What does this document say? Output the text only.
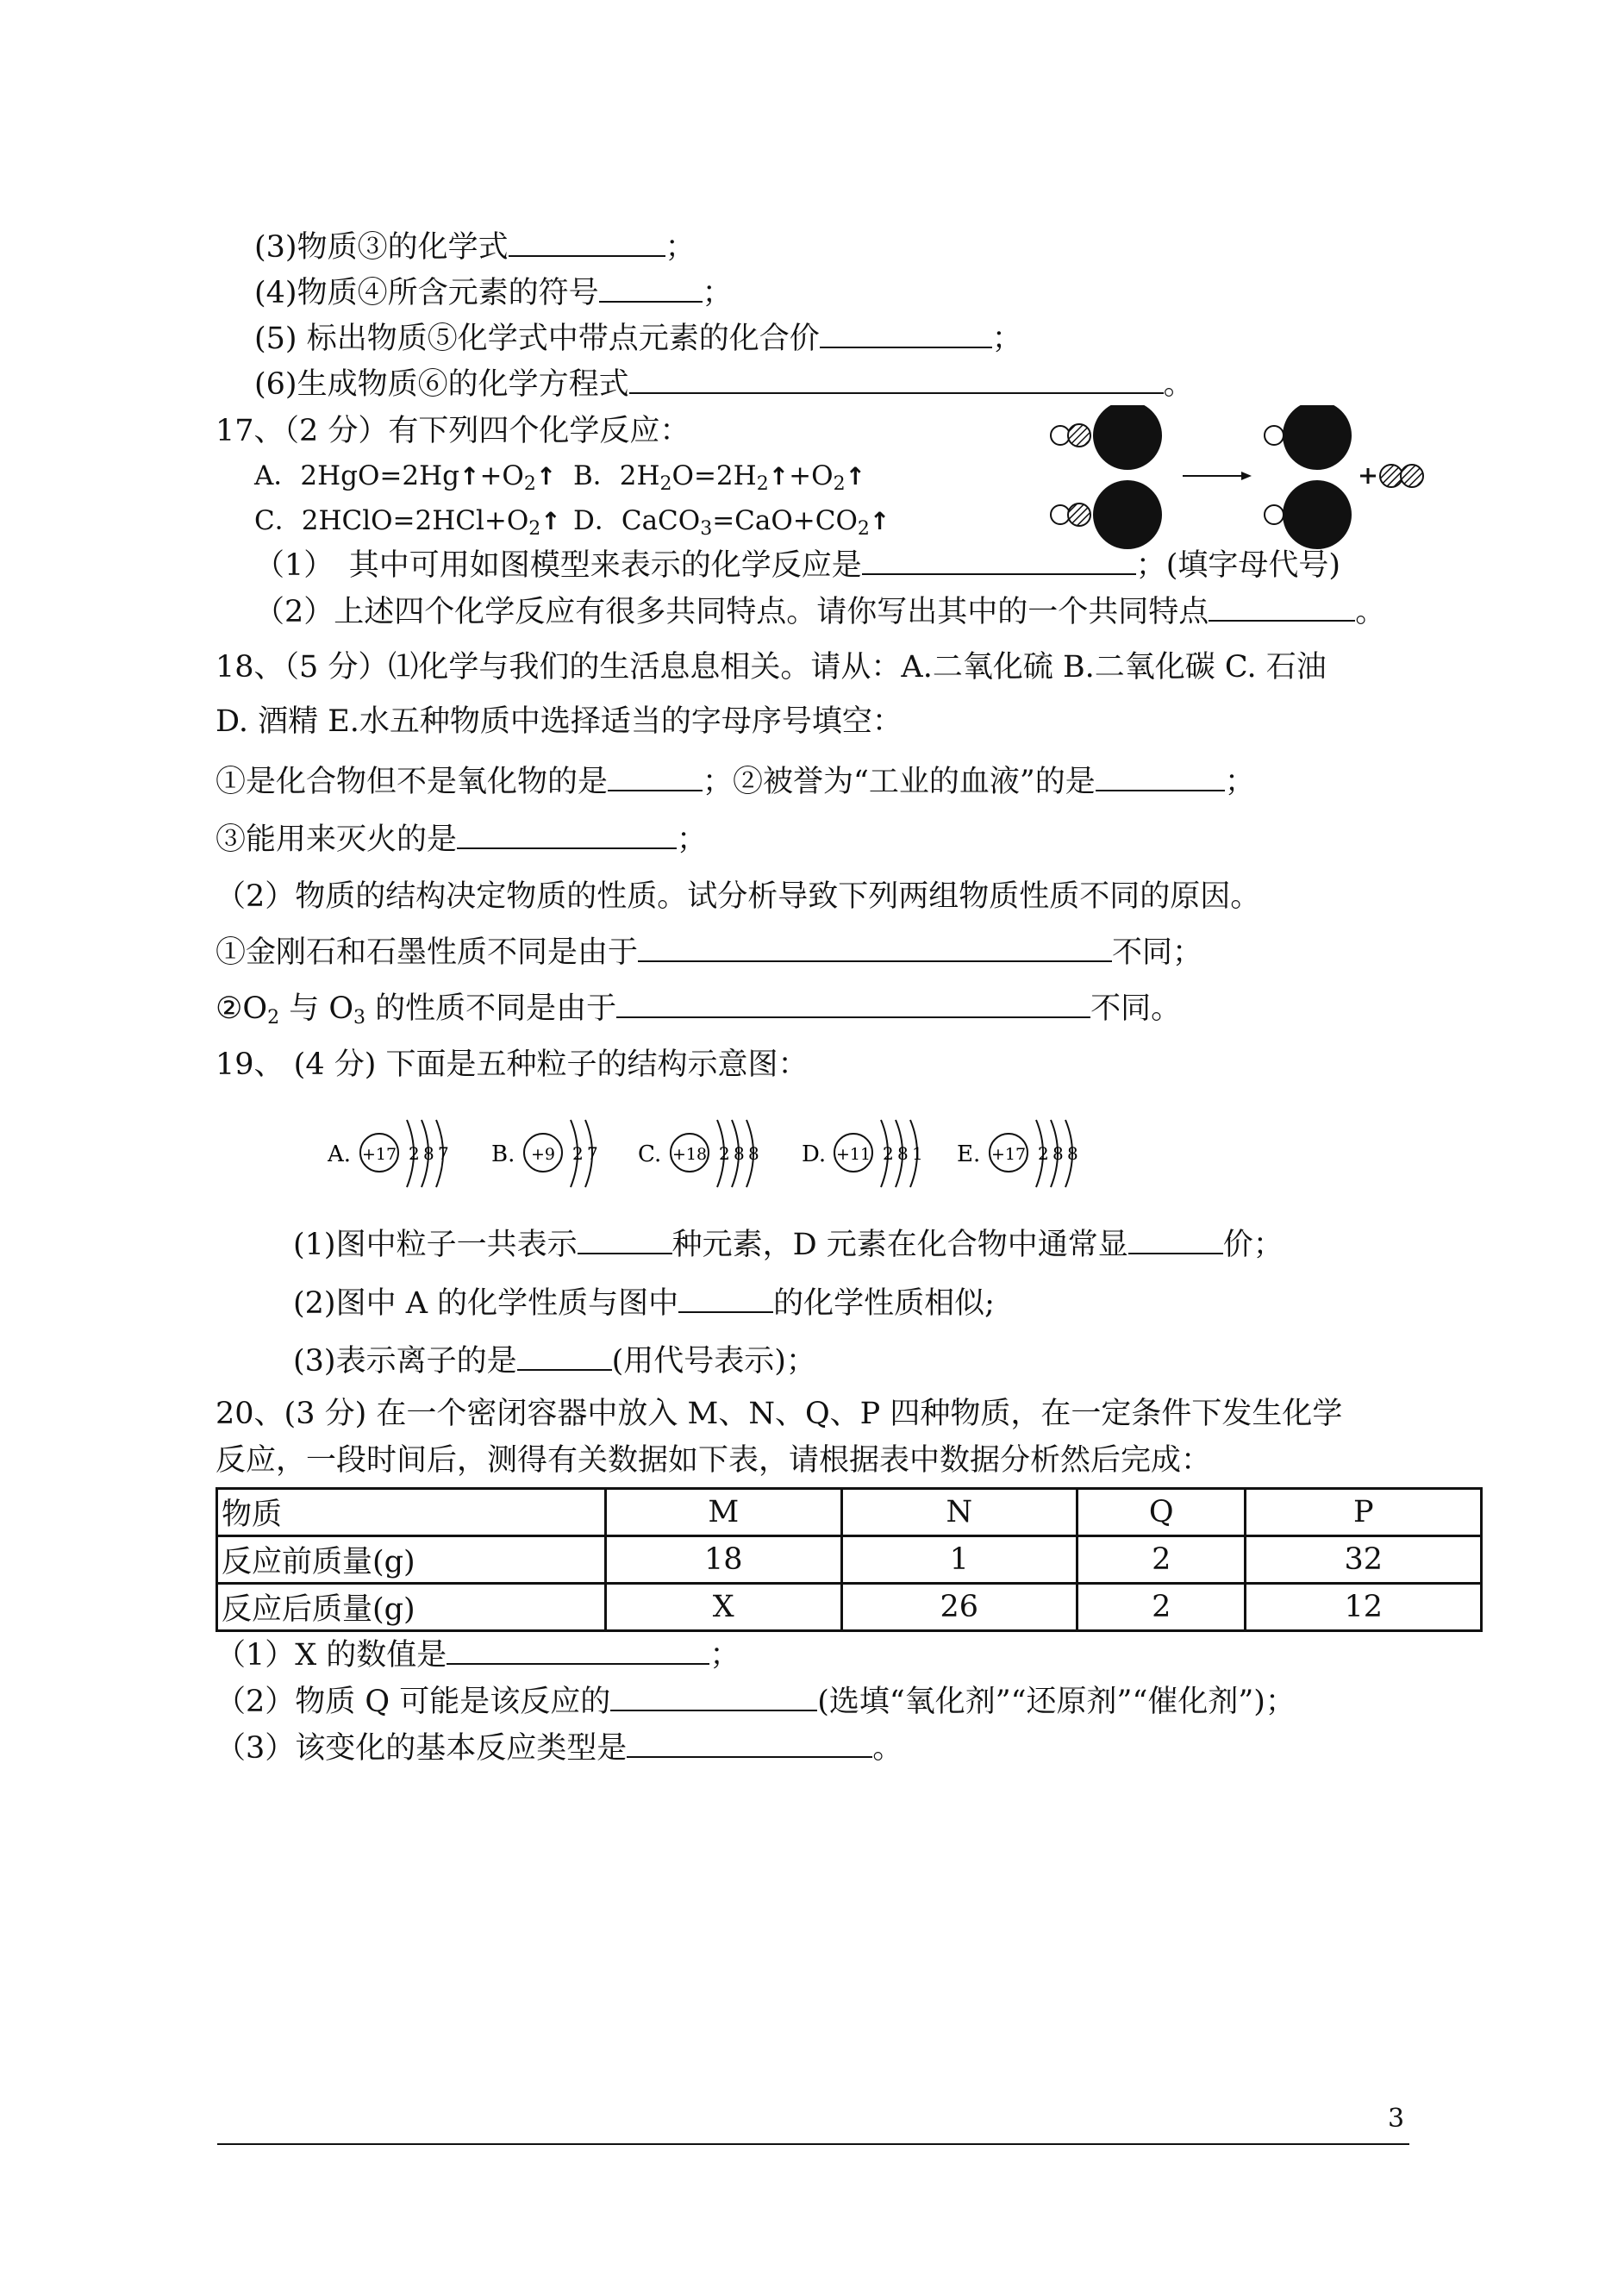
(3)物质③的化学式	；
(4)物质④所含元素的符号	；
(5) 标出物质⑤化学式中带点元素的化合价	；
(6)生成物质⑥的化学方程式	。
17、（2 分）有下列四个化学反应：
A．$2HgO=2Hg↑+O_2↑$ B．$2H_2O=2H_2↑+O_2↑$
C．$2HClO=2HCl+O_2↑$ D．$CaCO_3=CaO+CO_2↑$
（1）　其中可用如图模型来表示的化学反应是	；(填字母代号)
（2）上述四个化学反应有很多共同特点。请你写出其中的一个共同特点	。
18、（5 分）⑴化学与我们的生活息息相关。请从：A.二氧化硫 B.二氧化碳 C. 石油
D. 酒精 E.水五种物质中选择适当的字母序号填空：
①是化合物但不是氧化物的是	；②被誉为“工业的血液”的是	；
③能用来灭火的是	；
（2）物质的结构决定物质的性质。试分析导致下列两组物质性质不同的原因。
①金刚石和石墨性质不同是由于	不同；
$②O_2$ 与 $O_3$ 的性质不同是由于	不同。
19、 (4 分) 下面是五种粒子的结构示意图：
A. +17 2 8 7 B. +9 2 7 C. +18 2 8 8 D. +11 2 8 1 E. +17 2 8 8
(1)图中粒子一共表示	种元素，D 元素在化合物中通常显	价；
(2)图中 A 的化学性质与图中	的化学性质相似;
(3)表示离子的是	(用代号表示)；
20、(3 分) 在一个密闭容器中放入 M、N、Q、P 四种物质，在一定条件下发生化学
反应，一段时间后，测得有关数据如下表，请根据表中数据分析然后完成：
物质	M	N	Q	P
反应前质量(g)	18	1	2	32
反应后质量(g)	X	26	2	12
（1）X 的数值是	；
（2）物质 Q 可能是该反应的	(选填“氧化剂”“还原剂”“催化剂”)；
（3）该变化的基本反应类型是	。
3
